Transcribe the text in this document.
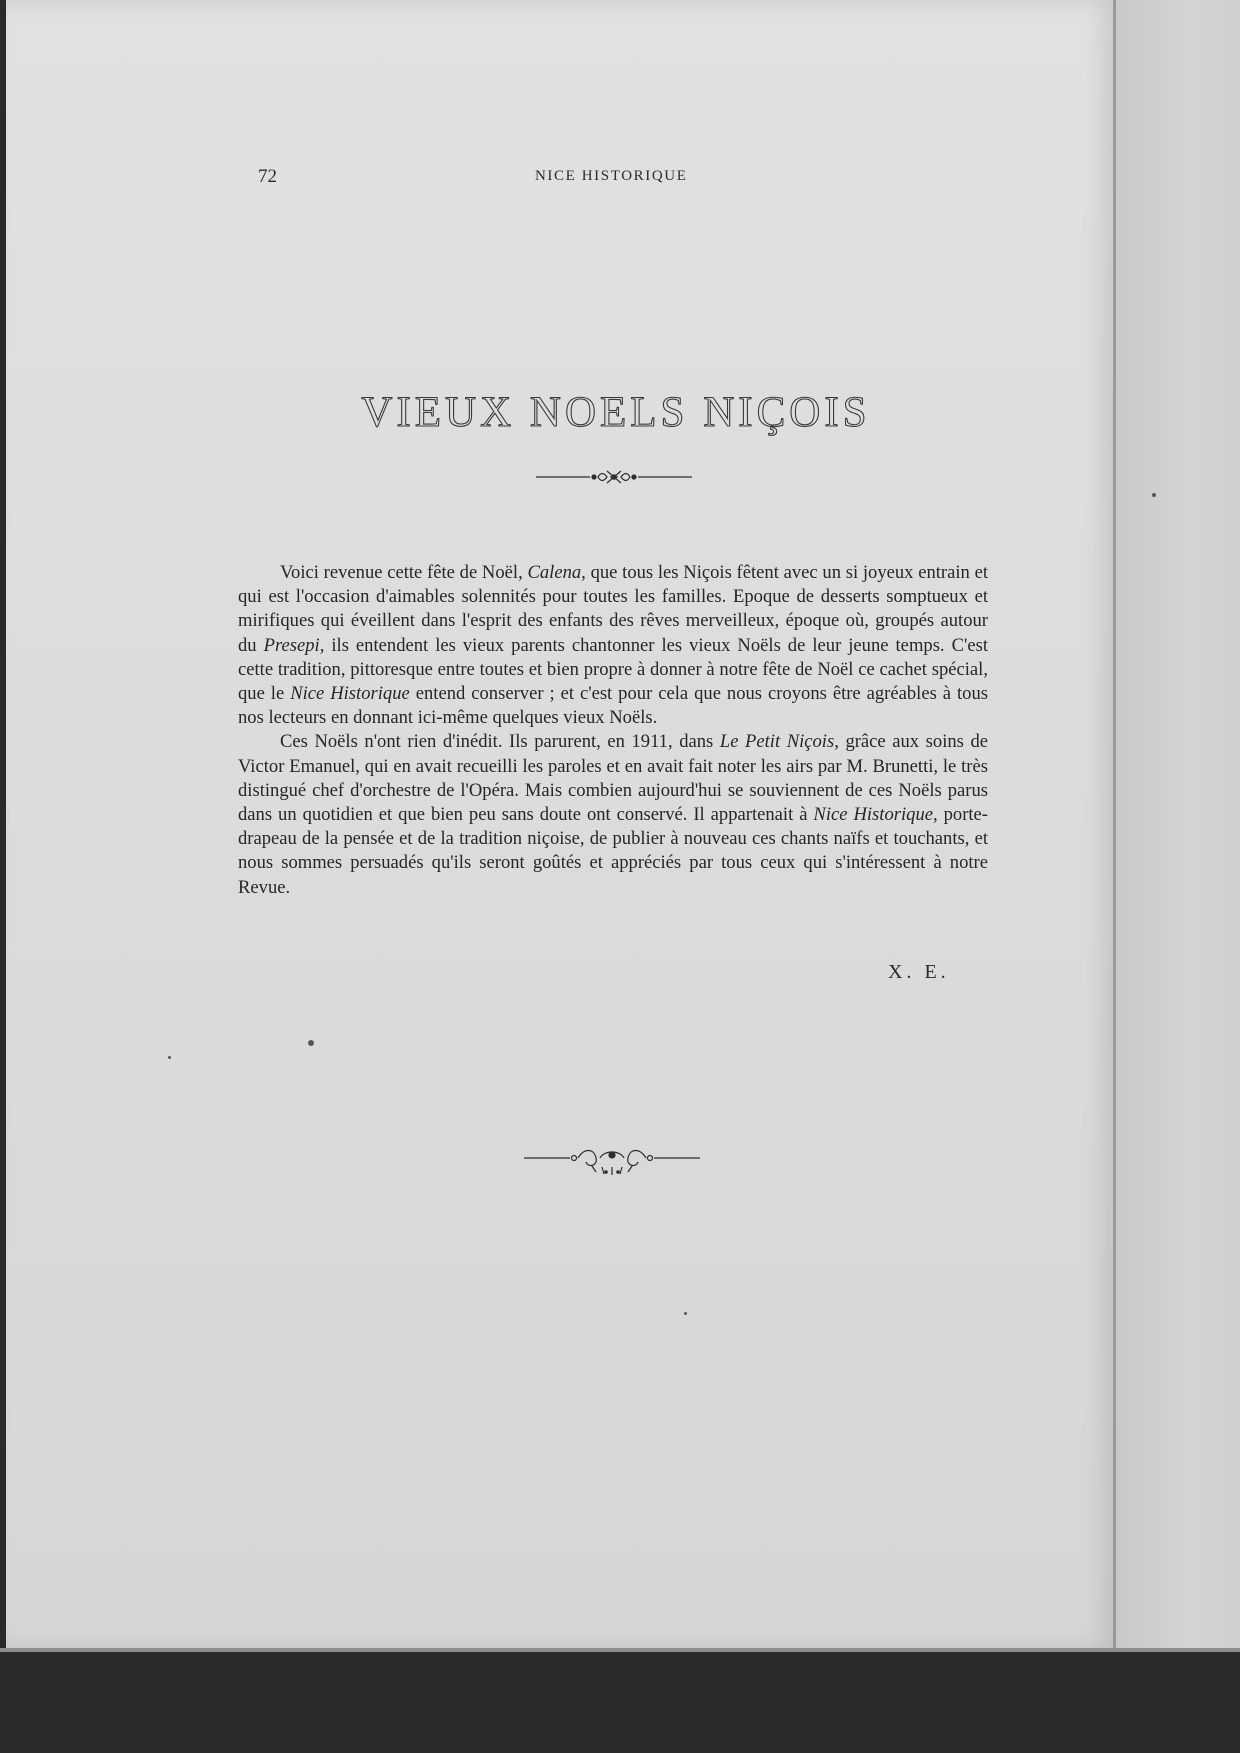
72	NICE HISTORIQUE
VIEUX NOELS NIÇOIS

Voici revenue cette fête de Noël, Calena, que tous les Niçois fêtent avec un si joyeux entrain et qui est l'occasion d'aimables solennités pour toutes les familles. Epoque de desserts somptueux et mirifiques qui éveillent dans l'esprit des enfants des rêves merveilleux, époque où, groupés autour du Presepi, ils entendent les vieux parents chantonner les vieux Noëls de leur jeune temps. C'est cette tradition, pittoresque entre toutes et bien propre à donner à notre fête de Noël ce cachet spécial, que le Nice Historique entend conserver ; et c'est pour cela que nous croyons être agréables à tous nos lecteurs en donnant ici-même quelques vieux Noëls.

Ces Noëls n'ont rien d'inédit. Ils parurent, en 1911, dans Le Petit Niçois, grâce aux soins de Victor Emanuel, qui en avait recueilli les paroles et en avait fait noter les airs par M. Brunetti, le très distingué chef d'orchestre de l'Opéra. Mais combien aujourd'hui se souviennent de ces Noëls parus dans un quotidien et que bien peu sans doute ont conservé. Il appartenait à Nice Historique, porte-drapeau de la pensée et de la tradition niçoise, de publier à nouveau ces chants naïfs et touchants, et nous sommes persuadés qu'ils seront goûtés et appréciés par tous ceux qui s'intéressent à notre Revue.

X. E.
